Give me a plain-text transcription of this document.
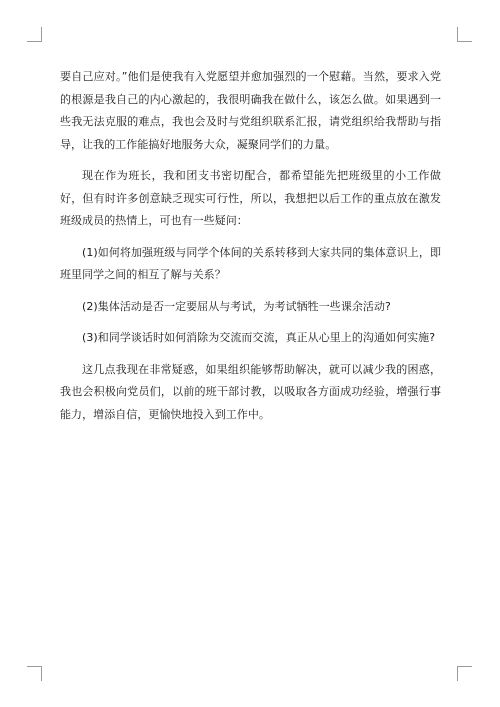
要自己应对。”他们是使我有入党愿望并愈加强烈的一个慰藉。当然，要求入党的根源是我自己的内心激起的，我很明确我在做什么，该怎么做。如果遇到一些我无法克服的难点，我也会及时与党组织联系汇报，请党组织给我帮助与指导，让我的工作能搞好地服务大众，凝聚同学们的力量。

现在作为班长，我和团支书密切配合，都希望能先把班级里的小工作做好，但有时许多创意缺乏现实可行性，所以，我想把以后工作的重点放在激发班级成员的热情上，可也有一些疑问：

(1)如何将加强班级与同学个体间的关系转移到大家共同的集体意识上，即班里同学之间的相互了解与关系？

(2)集体活动是否一定要屈从与考试，为考试牺牲一些课余活动?

(3)和同学谈话时如何消除为交流而交流，真正从心里上的沟通如何实施?

这几点我现在非常疑惑，如果组织能够帮助解决，就可以减少我的困惑，我也会积极向党员们，以前的班干部讨教，以吸取各方面成功经验，增强行事能力，增添自信，更愉快地投入到工作中。
